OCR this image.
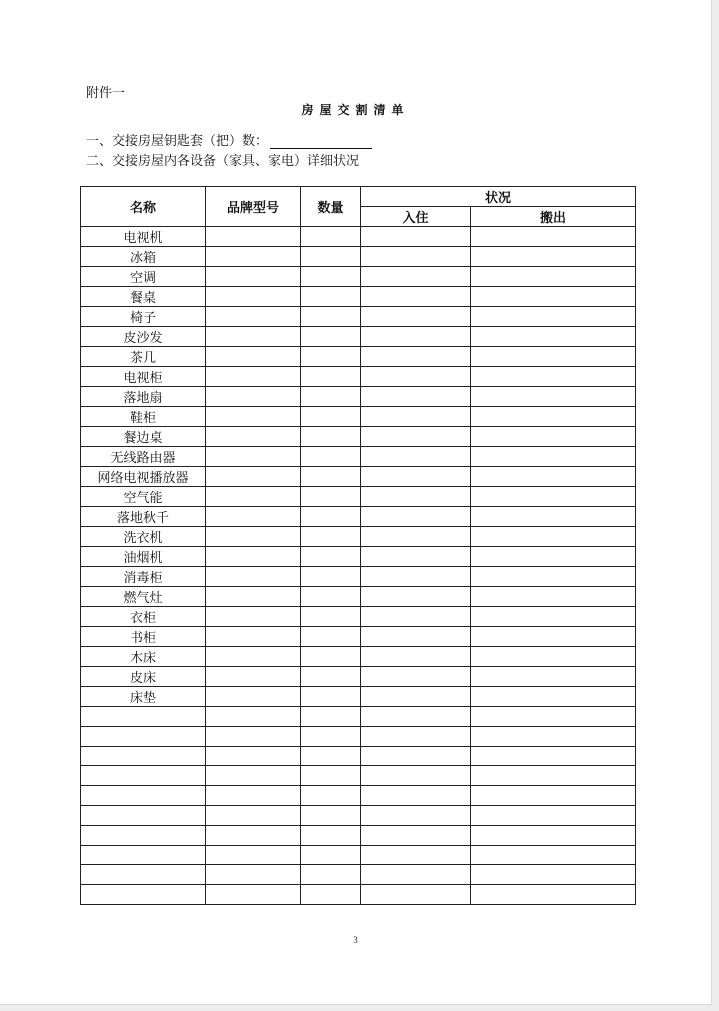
附件一
房屋交割清单
一、交接房屋钥匙套（把）数：
二、交接房屋内各设备（家具、家电）详细状况
名称	品牌型号	数量	状况	
			入住	搬出
电视机				
冰箱				
空调				
餐桌				
椅子				
皮沙发				
茶几				
电视柜				
落地扇				
鞋柜				
餐边桌				
无线路由器				
网络电视播放器				
空气能				
落地秋千				
洗衣机				
油烟机				
消毒柜				
燃气灶				
衣柜				
书柜				
木床				
皮床				
床垫				

3
